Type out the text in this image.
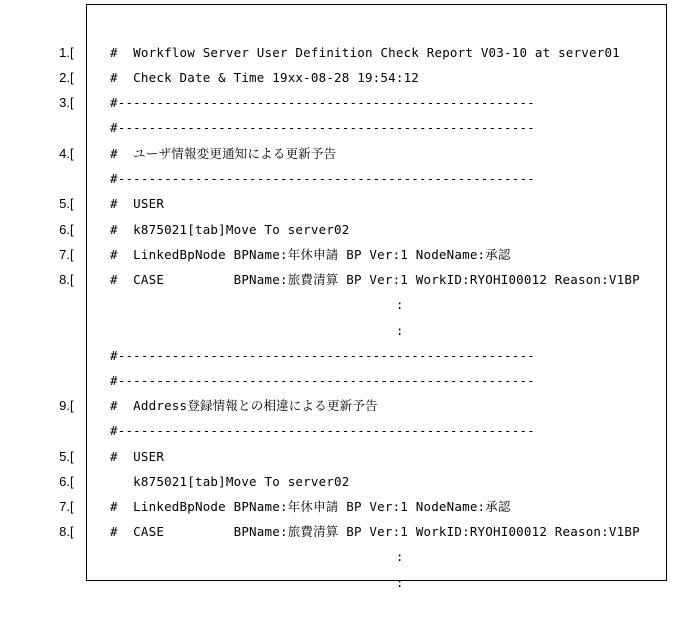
1. [	#  Workflow Server User Definition Check Report V03-10 at server01

2. [	#  Check Date & Time 19xx-08-28 19:54:12

3. [	#------------------------------------------------------

#------------------------------------------------------

4. [	#  ユーザ情報変更通知による更新予告

#------------------------------------------------------

5. [	#  USER

6. [	#  k875021[tab]Move To server02

7. [	#  LinkedBpNode BPName:年休申請 BP Ver:1 NodeName:承認

8. [	#  CASE         BPName:旅費清算 BP Ver:1 WorkID:RYOHI00012 Reason:V1BP

:

:

#------------------------------------------------------

#------------------------------------------------------

9. [	#  Address登録情報との相違による更新予告

#------------------------------------------------------

5. [	#  USER

6. [	k875021[tab]Move To server02

7. [	#  LinkedBpNode BPName:年休申請 BP Ver:1 NodeName:承認

8. [	#  CASE         BPName:旅費清算 BP Ver:1 WorkID:RYOHI00012 Reason:V1BP

:

:
